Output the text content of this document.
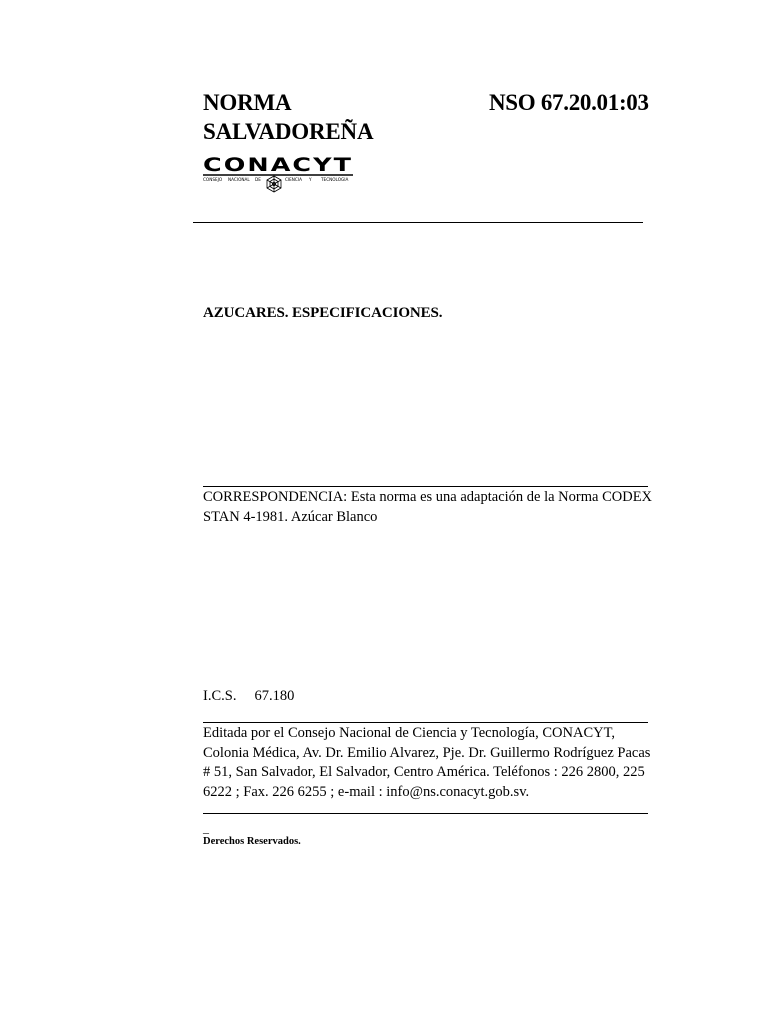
NORMA
SALVADOREÑA
NSO 67.20.01:03
CONACYT
CONSEJO NACIONAL DE	CIENCIA Y TECNOLOGIA
AZUCARES. ESPECIFICACIONES.
CORRESPONDENCIA: Esta norma es una adaptación de la Norma CODEX STAN 4-1981. Azúcar Blanco
I.C.S. 67.180
Editada por el Consejo Nacional de Ciencia y Tecnología, CONACYT, Colonia Médica, Av. Dr. Emilio Alvarez, Pje. Dr. Guillermo Rodríguez Pacas # 51, San Salvador, El Salvador, Centro América. Teléfonos : 226 2800, 225 6222 ; Fax. 226 6255 ; e-mail : info@ns.conacyt.gob.sv.
_
Derechos Reservados.
